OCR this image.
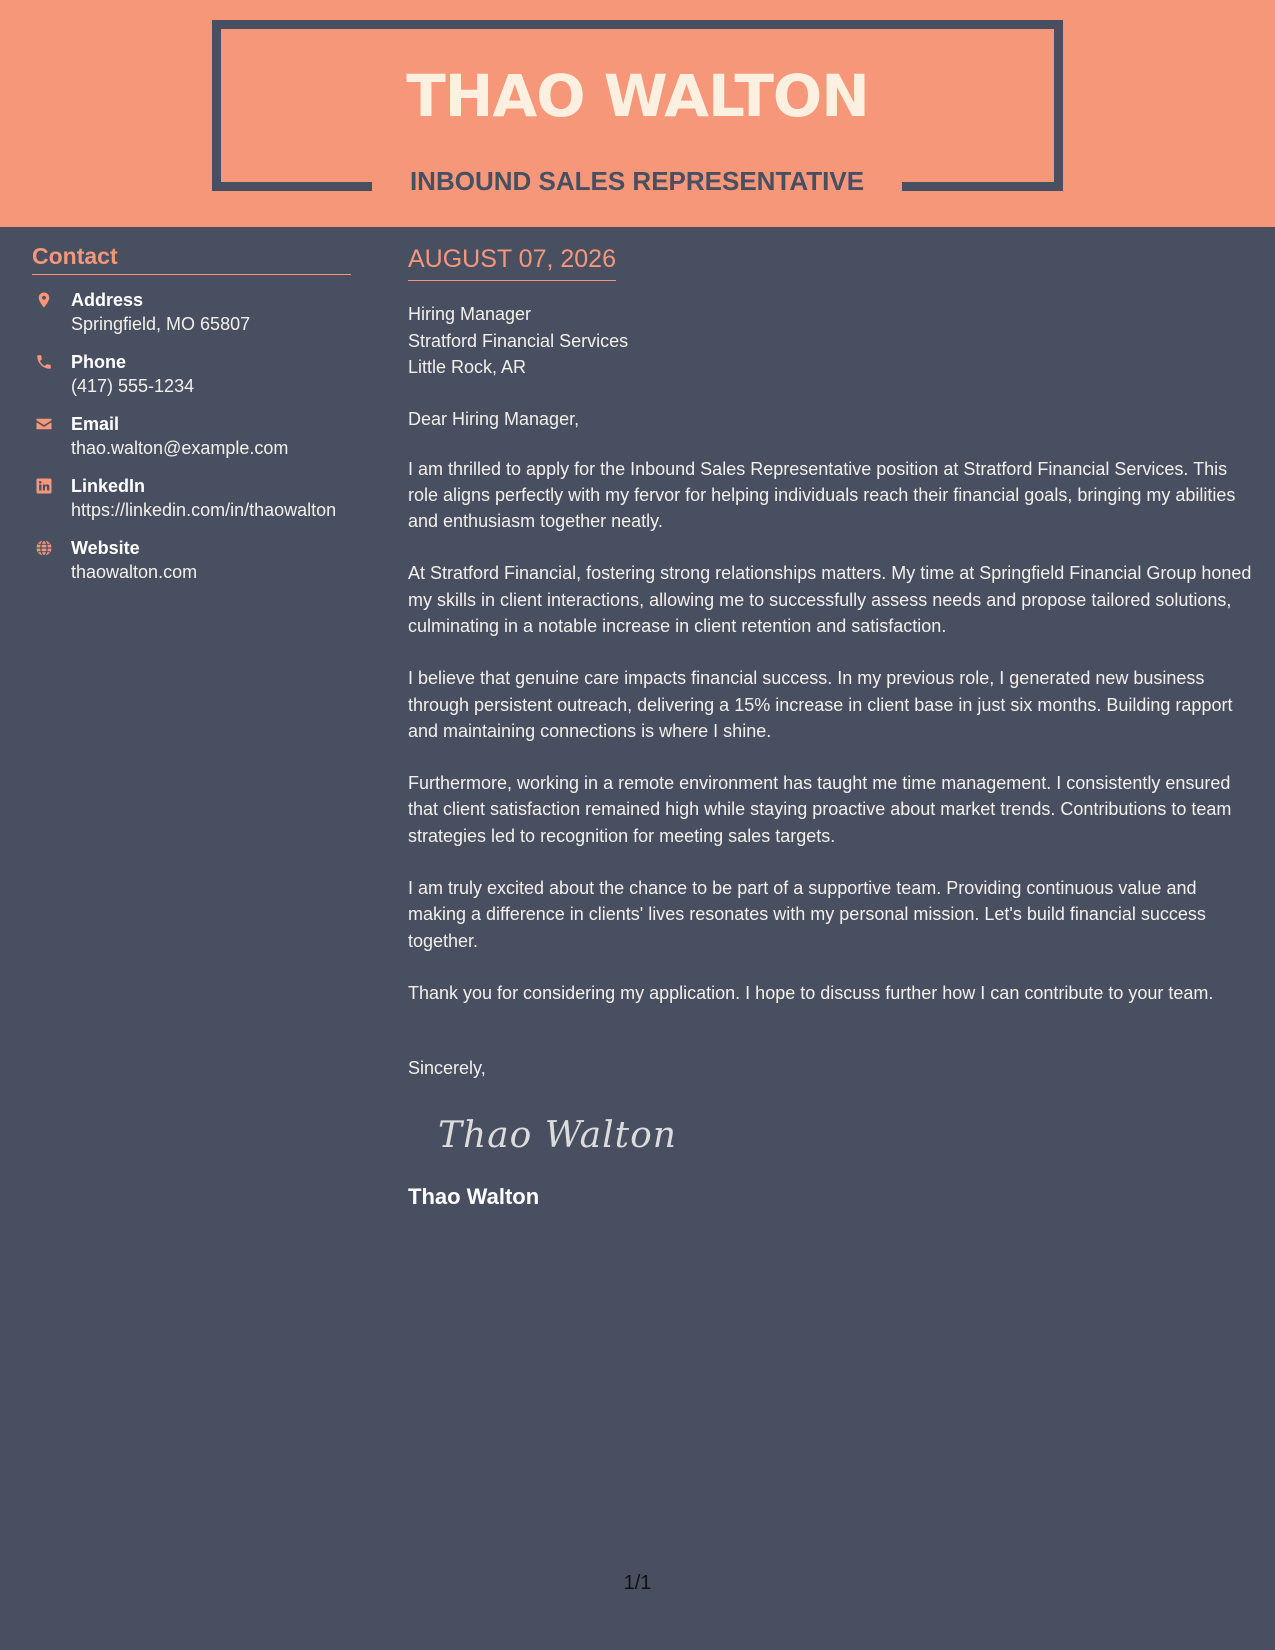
THAO WALTON
INBOUND SALES REPRESENTATIVE
Contact
Address
Springfield, MO 65807
Phone
(417) 555-1234
Email
thao.walton@example.com
LinkedIn
https://linkedin.com/in/thaowalton
Website
thaowalton.com
AUGUST 07, 2026
Hiring Manager
Stratford Financial Services
Little Rock, AR

Dear Hiring Manager,

I am thrilled to apply for the Inbound Sales Representative position at Stratford Financial Services. This role aligns perfectly with my fervor for helping individuals reach their financial goals, bringing my abilities and enthusiasm together neatly.

At Stratford Financial, fostering strong relationships matters. My time at Springfield Financial Group honed my skills in client interactions, allowing me to successfully assess needs and propose tailored solutions, culminating in a notable increase in client retention and satisfaction.

I believe that genuine care impacts financial success. In my previous role, I generated new business through persistent outreach, delivering a 15% increase in client base in just six months. Building rapport and maintaining connections is where I shine.

Furthermore, working in a remote environment has taught me time management. I consistently ensured that client satisfaction remained high while staying proactive about market trends. Contributions to team strategies led to recognition for meeting sales targets.

I am truly excited about the chance to be part of a supportive team. Providing continuous value and making a difference in clients' lives resonates with my personal mission. Let's build financial success together.

Thank you for considering my application. I hope to discuss further how I can contribute to your team.

Sincerely,

Thao Walton
Thao Walton
1/1
